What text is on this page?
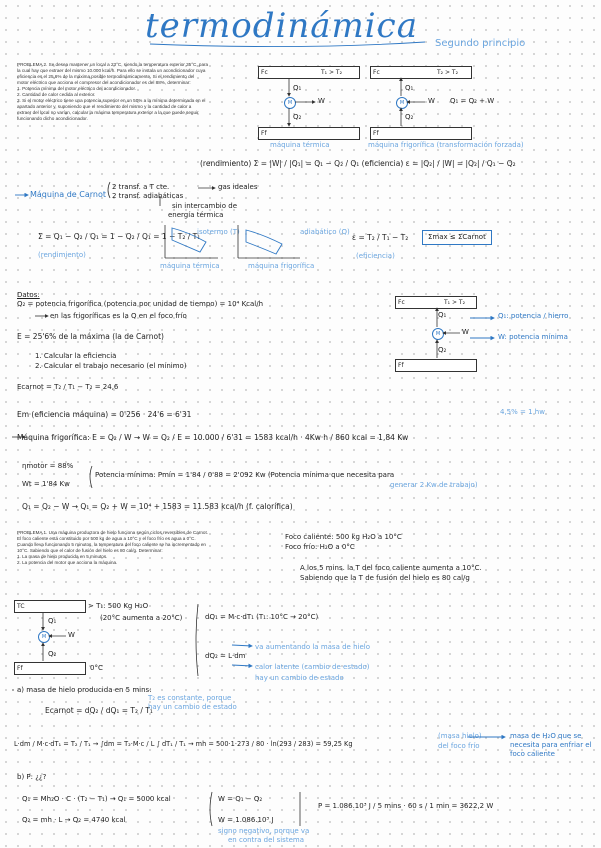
termodinámica Segundo principio
PROBLEMA 2. Se desea mantener un local a 23°C, siendo la temperatura exterior 35°C, para
la cual hay que extraer del mismo 10.000 kcal/h. Para ello se instala un acondicionador cuya
eficiencia es el 25,6% de la máxima posible termodinámicamente. Si el rendimiento del
motor eléctrico que acciona el compresor del acondicionador es del 88%, determinar:
1. Potencia mínima del motor eléctrico del acondicionador.
2. Cantidad de calor cedida al exterior.
3. Si el motor eléctrico tiene una potencia superior en un 50% a la mínima determinada en el
apartado anterior y, suponiendo que el rendimiento del mismo y la cantidad de calor a
extraer del local no varían, calcular la máxima temperatura exterior a la que puede seguir
funcionando dicho acondicionador.
Fc	T₁ > T₂
Ff
M
Q₁
Q₂
W
máquina térmica
Fc	T₂ > T₂
Ff
M
Q₁
Q₂
W Q₁ = Q₂ + W
máquina frigorífica (transformación forzada)
(rendimiento) Σ = |W| / |Q₁| = Q₁ − Q₂ / Q₁ (eficiencia) ε = |Q₂| / |W| = |Q₂| / Q₁ − Q₂
Máquina de Carnot
2 transf. a T cte.
2 transf. adiabáticas
gas ideales
sin intercambio de
energía térmica
Σ = Q₁ − Q₂ / Q₁ = 1 − Q₂ / Q₁ = 1 − T₂ / T₁
(rendimiento)
isotermo (T)	adiabático (Q)
ε = T₂ / T₁ − T₂
(eficiencia)
Σmax ≤ ΣCarnot
máquina térmica	máquina frigorífica
Datos:
Q₂ = potencia frigorífica (potencia por unidad de tiempo) = 10⁴ Kcal/h
en las frigoríficas es la Q en el foco frío
E = 25'6% de la máxima (la de Carnot)
1. Calcular la eficiencia
2. Calcular el trabajo necesario (el mínimo)
Ecarnot = T₂ / T₁ − T₂ = 24,6
Fc	T₁ > T₂
Ff
M
Q₁
Q₂
W
Q₁: potencia / hierro
W: potencia mínima
Em (eficiencia máquina) = 0'256 · 24'6 = 6'31	4,5% = 1 hw
Máquina frigorífica: E = Q₂ / W → W = Q₂ / E = 10.000 / 6'31 = 1583 kcal/h · 4Kw·h / 860 kcal = 1,84 Kw
ηmotor = 88%
Wt = 1'84 Kw
Potencia mínima: Pmín = 1'84 / 0'88 = 2'092 Kw (Potencia mínima que necesita para
generar 2 Kw de trabajo)
Q₁ = Q₂ − W → Q₁ = Q₂ + W = 10⁴ + 1583 = 11.583 kcal/h (f. calorífica)
PROBLEMA 1. Una máquina productora de hielo funciona según ciclos reversibles de Carnot.
El foco caliente está constituido por 500 kg de agua a 10°C y el foco frío es agua a 0°C.
Cuando lleva funcionando 5 minutos, la temperatura del foco caliente se ha incrementado en
10°C. Sabiendo que el calor de fusión del hielo es 80 cal/g. Determinar:
1. La masa de hielo producida en 5 minutos.
2. La potencia del motor que acciona la máquina.
Foco caliente: 500 kg H₂O a 10°C
Foco frío: H₂O a 0°C
A los 5 mins. la T del foco caliente aumenta a 10°C.
Sabiendo que la T de fusión del hielo es 80 cal/g
TC	> T₁: 500 Kg H₂O
(20°C aumenta a 20°C)
Ff	0°C
M
Q₁
Q₂
W
dQ₁ = M·c·dT₁ (T₁: 10°C → 20°C)
dQ₂ = L·dm
va aumentando la masa de hielo
calor latente (cambio de estado)
hay un cambio de estado
a) masa de hielo producida en 5 mins:
Ecarnot = dQ₂ / dQ₁ = T₂ / T₁
T₂ es constante, porque
hay un cambio de estado
L·dm / M·c·dT₁ = T₂ / T₁ → ∫dm = T₂·M·c / L ∫ dT₁ / T₁ → mh = 500·1·273 / 80 · ln(293 / 283) = 59,25 Kg
(masa hielo)
del foco frío
masa de H₂O que se necesita para enfriar el foco caliente
b) P: ¿¿?
Q₁ = Mh₂O · C · (T₂ − T₁) → Q₁ = 5000 kcal
Q₂ = mh · L → Q₂ = 4740 kcal
W = Q₁ − Q₂
W = 1.086.10³ J
P = 1.086.10³ J / 5 mins · 60 s / 1 min = 3622,2 W
signo negativo, porque va
en contra del sistema
